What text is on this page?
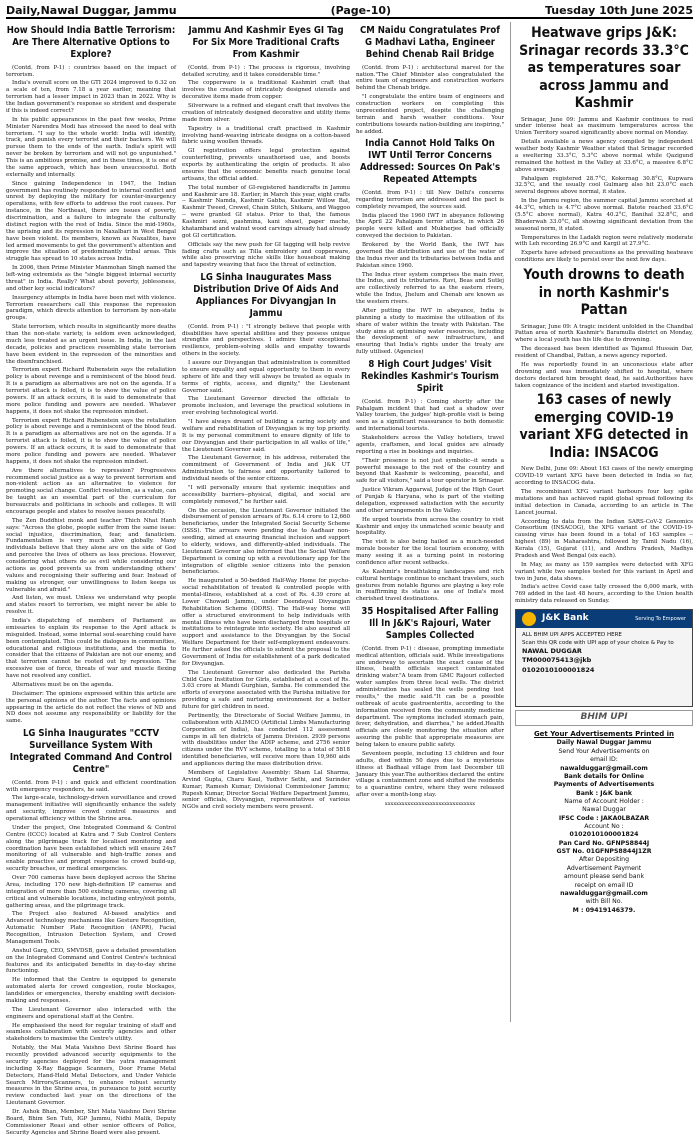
Daily,Nawal Duggar, Jammu	(Page-10)	Tuesday 10th June 2025
How Should India Battle Terrorism: Are There Alternative Options to Explore?
(Contd. from P-1) : countries based on the impact of terrorism.
India's overall score on the GTI 2024 improved to 6.32 on a scale of ten, from 7.18 a year earlier, meaning that terrorism had a lesser impact in 2023 than in 2022. Why is the Indian government's response so strident and desperate if this is indeed correct?
In his public appearances in the past few weeks, Prime Minister Narendra Modi has stressed the need to deal with terrorism. "I say to the whole world: India will identify, track, and punish every terrorist and their backers. We will pursue them to the ends of the earth. India's spirit will never be broken by terrorism and will not go unpunished." This is an ambitious promise, and in these times, it is one of the same approach, which has been unsuccessful. Both externally and internally.
Since gaining Independence in 1947, the Indian government has routinely responded to internal conflict and unrest by deploying the military for counter-insurgency operations, with few efforts to address the root causes. For instance, in the Northeast, there are issues of poverty, discrimination, and a failure to integrate the culturally distinct region with the rest of India. Since the mid-1960s, the uprising and its repression in Naxalbari in West Bengal have been violent. Its members, known as Naxalites, have led armed movements to get the government's attention and improve the situation of predominantly tribal areas. This struggle has spread to 10 states across India.
In 2006, then Prime Minister Manmohan Singh named the left-wing extremists as the "single biggest internal security threat" in India. Really? What about poverty, joblessness, and other key social indicators?
Insurgency attempts in India have been met with violence. Terrorism researchers call this response the repression paradigm, which directs attention to terrorism by non-state groups.
State terrorism, which results in significantly more deaths than the non-state variety, is seldom even acknowledged, much less treated as an urgent issue. In India, in the last decade, policies and practices resembling state terrorism have been evident in the repression of the minorities and the disenfranchised.
Terrorism expert Richard Rubenstein says the retaliation policy is about revenge and a reminiscent of the blood feud. It is a paradigm as alternatives are not on the agenda. If a terrorist attack is foiled, it is to show the value of police powers. If an attack occurs, it is said to demonstrate that more police funding and powers are needed. Whatever happens, it does not shake the repression mindset.
Terrorism expert Richard Rubenstein says the retaliation policy is about revenge and a reminiscent of the blood feud. It is a paradigm as alternatives are not on the agenda. If a terrorist attack is foiled, it is to show the value of police powers. If an attack occurs, it is said to demonstrate that more police funding and powers are needed. Whatever happens, it does not shake the repression mindset.
Are there alternatives to repression? Progressives recommend social justice as a way to prevent terrorism and non-violent action as an alternative to violence for promoting social change. Conflict resolution, as a value, can be taught as an essential part of the curriculum for bureaucrats and politicians in schools and colleges. It will encourage people and states to resolve issues peacefully.
The Zen Buddhist monk and teacher Thich Nhat Hanh says: "Across the globe, people suffer from the same issue: social injustice, discrimination, fear, and fanaticism. Fundamentalism is very much alive globally. Many individuals believe that they alone are on the side of God and perceive the lives of others as less precious. However, considering what others do as evil while considering our actions as good prevents us from understanding others' values and recognising their suffering and fear. Instead of making us stronger, our unwillingness to listen keeps us vulnerable and afraid."
And listen, we must. Unless we understand why people and states resort to terrorism, we might never be able to resolve it.
India's dispatching of members of Parliament as emissaries to explain its response to the April attack is misguided. Instead, some internal soul-searching could have been contemplated. This could be dialogues in communities, educational and religious institutions, and the media to consider that the citizens of Pakistan are not our enemy, and that terrorism cannot be rooted out by repression. The excessive use of force, threats of war and muscle flexing have not resolved any conflict.
Alternatives must be on the agenda.
Disclaimer: The opinions expressed within this article are the personal opinions of the author. The facts and opinions appearing in the article do not reflect the views of ND and ND does not assume any responsibility or liability for the same.
LG Sinha Inaugurates "CCTV Surveillance System With Integrated Command And Control Centre"
(Contd. from P-1) : and quick and efficient coordination with emergency responders, he said.
The large-scale, technology-driven surveillance and crowd management initiative will significantly enhance the safety and security, improve crowd control measures and operational efficiency within the Shrine area.
Under the project, One Integrated Command & Control Centre (ICCC) located at Katra and 7 Sub Control Centers along the pilgrimage track for localised monitoring and coordination have been established which will ensure 24x7 monitoring of all vulnerable and high-traffic zones and enable proactive and prompt response to crowd build-up, security breaches, or medical emergencies.
Over 700 cameras have been deployed across the Shrine Area, including 170 new high-definition IP cameras and integration of more than 500 existing cameras, covering all critical and vulnerable locations, including entry/exit points, gathering areas, and the pilgrimage track.
The Project also featured AI-based analytics and Advanced technology mechanisms like Gesture Recognition, Automatic Number Plate Recognition (ANPR), Facial Recognition, Intrusion Detection System, and Crowd Management Tools.
Anshul Garg, CEO, SMVDSB, gave a detailed presentation on the Integrated Command and Control Centre's technical features and its anticipated benefits in day-to-day shrine functioning.
He informed that the Centre is equipped to generate automated alerts for crowd congestion, route blockages, landslides or emergencies, thereby enabling swift decision-making and responses.
The Lieutenant Governor also interacted with the engineers and operational staff at the Centre.
He emphasised the need for regular training of staff and seamless collaboration with security agencies and other stakeholders to maximise the Centre's utility.
Notably, the Mai Mata Vaishno Devi Shrine Board has recently provided advanced security equipments to the security agencies deployed for the yatra management including X-Ray Baggage Scanners, Door Frame Metal Detectors, Hand-Held Metal Detectors, and Under Vehicle Search Mirrors/Scanners, to enhance robust security measures in the Shrine area, in pursuance to joint security review conducted last year on the directions of the Lieutenant Governor.
Dr. Ashok Bhan, Member, Shri Mata Vaishno Devi Shrine Board, Bhim Sen Tuti, IGP Jammu, Nidhi Malik, Deputy Commissioner Reasi and other senior officers of Police, Security Agencies and Shrine Board were also present.
Jammu And Kashmir Eyes GI Tag For Six More Traditional Crafts From Kashmir
(Contd. from P-1) : The process is rigorous, involving detailed scrutiny, and it takes considerable time."
The copperware is a traditional Kashmiri craft that involves the creation of intricately designed utensils and decorative items made from copper.
Silverware is a refined and elegant craft that involves the creation of intricately designed decorative and utility items made from silver.
Tapestry is a traditional craft practised in Kashmir involving hand-weaving intricate designs on a cotton-based fabric using woollen threads.
GI registration offers legal protection against counterfeiting, prevents unauthorised use, and boosts exports by authenticating the origin of products. It also ensures that the economic benefits reach genuine local artisans, the official added.
The total number of GI-registered handicrafts in Jammu and Kashmir are 18. Earlier, in March this year, eight crafts -- Kashmir Namda, Kashmir Gabba, Kashmir Willow Bat, Kashmir Tweed, Crewel, Chain Stitch, Shikara, and Waggoo -- were granted GI status. Prior to that, the famous Kashmiri sozni, pashmina, kani shawl, paper mache, khatamband and walnut wood carvings already had already got GI certification.
Officials say the new push for GI tagging will help revive fading crafts such as Tilla embroidery and copperware, while also preserving niche skills like houseboat making and tapestry weaving that face the threat of extinction.
LG Sinha Inaugurates Mass Distribution Drive Of Aids And Appliances For Divyangjan In Jammu
(Contd. from P-1) : "I strongly believe that people with disabilities have special abilities and they possess unique strengths and perspectives. I admire their exceptional resilience, problem-solving skills and empathy towards others in the society.
I assure our Divyangjan that administration is committed to ensure equality and equal opportunity to them in every sphere of life and they will always be treated as equals in terms of rights, access, and dignity," the Lieutenant Governor said.
The Lieutenant Governor directed the officials to promote inclusion, and leverage the practical solutions in ever evolving technological world.
"I have always dreamt of building a caring society and welfare and rehabilitation of Divyangjan is my top priority. It is my personal commitment to ensure dignity of life to our Divyangjan and their participation in all walks of life," the Lieutenant Governor said.
The Lieutenant Governor, in his address, reiterated the commitment of Government of India and J&K UT Administration to fairness and opportunity tailored to individual needs of the senior citizens.
"I will personally ensure that systemic inequities and accessibility barriers--physical, digital, and social are completely removed," he further said.
On the occasion, the Lieutenant Governor initiated the disbursement of pension arrears of Rs. 6.14 crore to 12,660 beneficiaries, under the Integrated Social Security Scheme (ISSS). The arrears were pending due to Aadhaar non-seeding, aimed at ensuring financial inclusion and support to elderly, widows, and differently-abled individuals. The Lieutenant Governor also informed that the Social Welfare Department is coming up with a revolutionary app for the integration of eligible senior citizens into the pension beneficiaries.
He inaugurated a 50-bedded Half-Way Home for psycho-social rehabilitation of treated & controlled people with mental-illness, established at a cost of Rs. 4.39 crore at Lower Chowadi Jammu, under Deendayal Divyangjan Rehabilitation Scheme (DDRS). The Half-way home will offer a structured environment to help individuals with mental illness who have been discharged from hospitals or institutions to reintegrate into society. He also assured all support and assistance to the Divyangjan by the Social Welfare Department for their self-employment endeavours. He further asked the officials to submit the proposal to the Government of India for establishment of a park dedicated for Divyangjan.
The Lieutenant Governor also dedicated the Parisha Child Care Institution for Girls, established at a cost of Rs. 3.03 crore at Mandi Gurghian, Samba. He commended the efforts of everyone associated with the Parisha initiative for providing a safe and nurturing environment for a better future for girl children in need.
Pertinently, the Directorate of Social Welfare Jammu, in collaboration with ALIMCO (Artificial Limbs Manufacturing Corporation of India), has conducted 112 assessment camps in all ten districts of Jammu Division. 2939 persons with disabilities under the ADIP scheme, and 2756 senior citizens under the RVY scheme, totalling to a total of 5818 identified beneficiaries, will receive more than 19,960 aids and appliances during the mass distribution drive.
Members of Legislative Assembly: Sham Lal Sharma, Arvind Gupta, Charu Kaul, Yudhvir Sethi, and Surinder Kumar; Ramesh Kumar, Divisional Commissioner Jammu; Rupesh Kumar, Director Social Welfare Department Jammu, senior officials, Divyangjan, representatives of various NGOs and civil society members were present.
CM Naidu Congratulates Prof G Madhavi Latha, Engineer Behind Chenab Rail Bridge
(Contd. from P-1) : architectural marvel for the nation."The Chief Minister also congratulated the entire team of engineers and construction workers behind the Chenab bridge.
"I congratulate the entire team of engineers and construction workers on completing this unprecedented project, despite the challenging terrain and harsh weather conditions. Your contributions towards nation-building are inspiring," he added.
India Cannot Hold Talks On IWT Until Terror Concerns Addressed: Sources On Pak's Repeated Attempts
(Contd. from P-1) : till New Delhi's concerns regarding terrorism are addressed and the pact is completely revamped, the sources said.
India placed the 1960 IWT in abeyance following the April 22 Pahalgam terror attack, in which 26 people were killed and Mukherjee had officially conveyed the decision to Pakistan.
Brokered by the World Bank, the IWT has governed the distribution and use of the water of the Indus river and its tributaries between India and Pakistan since 1960.
The Indus river system comprises the main river, the Indus, and its tributaries. Ravi, Beas and Sutlej are collectively referred to as the eastern rivers, while the Indus, Jhelum and Chenab are known as the western rivers.
After putting the IWT in abeyance, India is planning a study to maximise the utilisation of its share of water within the treaty with Pakistan. The study aims at optimising water resources, including the development of new infrastructure, and ensuring that India's rights under the treaty are fully utilised. (Agencies)
8 High Court Judges' Visit Rekindles Kashmir's Tourism Spirit
(Contd. from P-1) : Coming shortly after the Pahalgam incident that had cast a shadow over Valley tourism, the judges' high-profile visit is being seen as a significant reassurance to both domestic and international tourists.
Stakeholders across the Valley hoteliers, travel agents, craftsmen, and local guides are already reporting a rise in bookings and inquiries.
"Their presence is not just symbolic--it sends a powerful message to the rest of the country and beyond that Kashmir is welcoming, peaceful, and safe for all visitors," said a tour operator in Srinagar.
Justice Vikram Aggarwal, Judge of the High Court of Punjab & Haryana, who is part of the visiting delegation, expressed satisfaction with the security and other arrangements in the Valley.
He urged tourists from across the country to visit Kashmir and enjoy its unmatched scenic beauty and hospitality.
The visit is also being hailed as a much-needed morale booster for the local tourism economy, with many seeing it as a turning point in restoring confidence after recent setbacks.
As Kashmir's breathtaking landscapes and rich cultural heritage continue to enchant travelers, such gestures from notable figures are playing a key role in reaffirming its status as one of India's most cherished travel destinations.
35 Hospitalised After Falling Ill In J&K's Rajouri, Water Samples Collected
(Contd. from P-1) : disease, prompting immediate medical attention, officials said. While investigations are underway to ascertain the exact cause of the illness, health officials suspect contaminated drinking water."A team from GMC Rajouri collected water samples from three local wells. The district administration has sealed the wells pending test results," the medic said."It can be a possible outbreak of acute gastroenteritis, according to the information received from the community medicine department. The symptoms included stomach pain, fever, dehydration, and diarrhea," he added.Health officials are closely monitoring the situation after assuring the public that appropriate measures are being taken to ensure public safety.
Seventeen people, including 13 children and four adults, died within 50 days due to a mysterious illness at Badhaal village from last December till January this year.The authorities declared the entire village a containment zone and shifted the residents to a quarantine centre, where they were released after over a month-long stay.
xxxxxxxxxxxxxxxxxxxxxxxxxxxxxxxx
Heatwave grips J&K: Srinagar records 33.3°C as temperatures soar across Jammu and Kashmir
Srinagar, June 09: Jammu and Kashmir continues to reel under intense heat as maximum temperatures across the Union Territory soared significantly above normal on Monday.
Details available a news agency compiled by independent weather body Kashmir Weather stated that Srinagar recorded a sweltering 33.3°C, 5.3°C above normal while Qazigund remained the hottest in the Valley at 33.6°C, a massive 6.8°C above average.
Pahalgam registered 28.7°C, Kokernag 30.8°C, Kupwara 32.5°C, and the usually cool Gulmarg also hit 23.0°C each several degrees above normal, it states.
In the Jammu region, the summer capital Jammu scorched at 44.3°C, which is 4.7°C above normal. Batote reached 33.6°C (5.5°C above normal), Katra 40.2°C, Banihal 32.8°C, and Bhaderwah 33.0°C, all showing significant deviation from the seasonal norm, it stated.
Temperatures in the Ladakh region were relatively moderate with Leh recording 26.9°C and Kargil at 27.9°C.
Experts have advised precautions as the prevailing heatwave conditions are likely to persist over the next few days.
Youth drowns to death in north Kashmir's Pattan
Srinagar, June 09: A tragic incident unfolded in the Chandbal Pattan area of north Kashmir's Baramulla district on Monday, where a local youth has his life due to drowning.
The deceased has been identified as Tajamul Hussain Dar, resident of Chandbal, Pattan, a news agency reported.
He was reportedly found in an unconscious state after drowning and was immediately shifted to hospital, where doctors declared him brought dead, he said.Authorities have taken cognizance of the incident and started investigation.
163 cases of newly emerging COVID-19 variant XFG detected in India: INSACOG
New Delhi, June 09: About 163 cases of the newly emerging COVID-19 variant XFG have been detected in India so far, according to INSACOG data.
The recombinant XFG variant harbours four key spike mutations and has achieved rapid global spread following its initial detection in Canada, according to an article in The Lancet journal.
According to data from the Indian SARS-CoV-2 Genomics Consortium (INSACOG), the XFG variant of the COVID-19-causing virus has been found in a total of 163 samples -- highest (89) in Maharashtra, followed by Tamil Nadu (16), Kerala (15), Gujarat (11), and Andhra Pradesh, Madhya Pradesh and West Bengal (six each).
In May, as many as 159 samples were detected with XFG variant while two samples tested for this variant in April and two in June, data shows.
India's active Covid case tally crossed the 6,000 mark, with 769 added in the last 48 hours, according to the Union health ministry data released on Sunday.
J&K Bank	Serving To Empower
ALL BHIM UPI APPS ACCEPTED HERE
Scan this QR code with UPI app of your choice & Pay to
NAWAL DUGGAR
TM000075413@jkb
0102010100001824
BHIM UPI
Get Your Advertisements Printed in
Daily Nawal Duggar Jammu
Send Your Advertisements on
email ID:
nawalduggar@gmail.com
Bank details for Online
Payments of Advertisements
Bank : J&K bank
Name of Account Holder :
Nawal Duggar
IFSC Code : JAKA0LBAZAR
Account No :
0102010100001824
Pan Card No. GFNPS8844J
GST No. 01GFNPS8844J1ZR
After Depositing
Advertisement Payment
amount please send bank
receipt on email ID
nawalduggar@gmail.com
with Bill No.
M : 09419146379.
